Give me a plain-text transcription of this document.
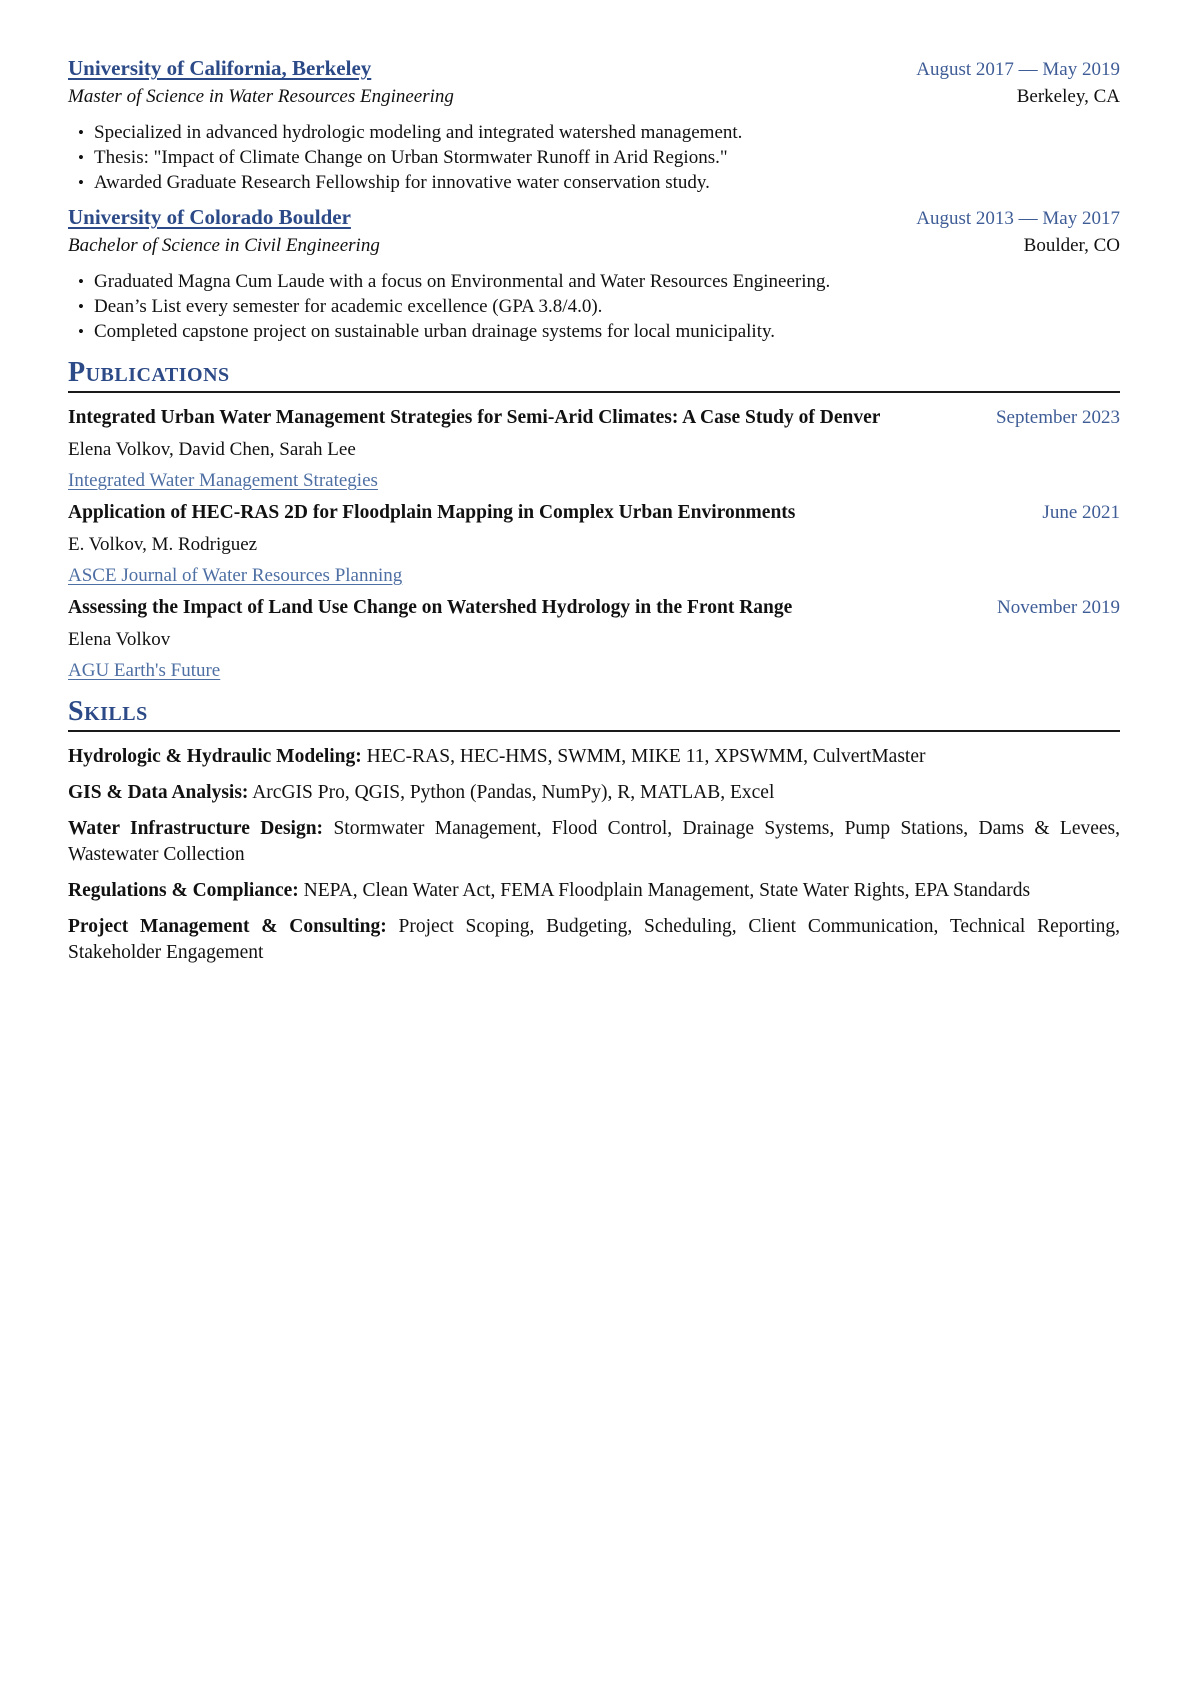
University of California, Berkeley	August 2017 — May 2019
Master of Science in Water Resources Engineering	Berkeley, CA
• Specialized in advanced hydrologic modeling and integrated watershed management.
• Thesis: "Impact of Climate Change on Urban Stormwater Runoff in Arid Regions."
• Awarded Graduate Research Fellowship for innovative water conservation study.
University of Colorado Boulder	August 2013 — May 2017
Bachelor of Science in Civil Engineering	Boulder, CO
• Graduated Magna Cum Laude with a focus on Environmental and Water Resources Engineering.
• Dean’s List every semester for academic excellence (GPA 3.8/4.0).
• Completed capstone project on sustainable urban drainage systems for local municipality.
Publications
Integrated Urban Water Management Strategies for Semi-Arid Climates: A Case Study of Denver	September 2023
Elena Volkov, David Chen, Sarah Lee
Integrated Water Management Strategies
Application of HEC-RAS 2D for Floodplain Mapping in Complex Urban Environments	June 2021
E. Volkov, M. Rodriguez
ASCE Journal of Water Resources Planning
Assessing the Impact of Land Use Change on Watershed Hydrology in the Front Range	November 2019
Elena Volkov
AGU Earth's Future
Skills

Hydrologic & Hydraulic Modeling: HEC-RAS, HEC-HMS, SWMM, MIKE 11, XPSWMM, CulvertMaster

GIS & Data Analysis: ArcGIS Pro, QGIS, Python (Pandas, NumPy), R, MATLAB, Excel

Water Infrastructure Design: Stormwater Management, Flood Control, Drainage Systems, Pump Stations, Dams & Levees, Wastewater Collection

Regulations & Compliance: NEPA, Clean Water Act, FEMA Floodplain Management, State Water Rights, EPA Standards

Project Management & Consulting: Project Scoping, Budgeting, Scheduling, Client Communication, Technical Reporting, Stakeholder Engagement
